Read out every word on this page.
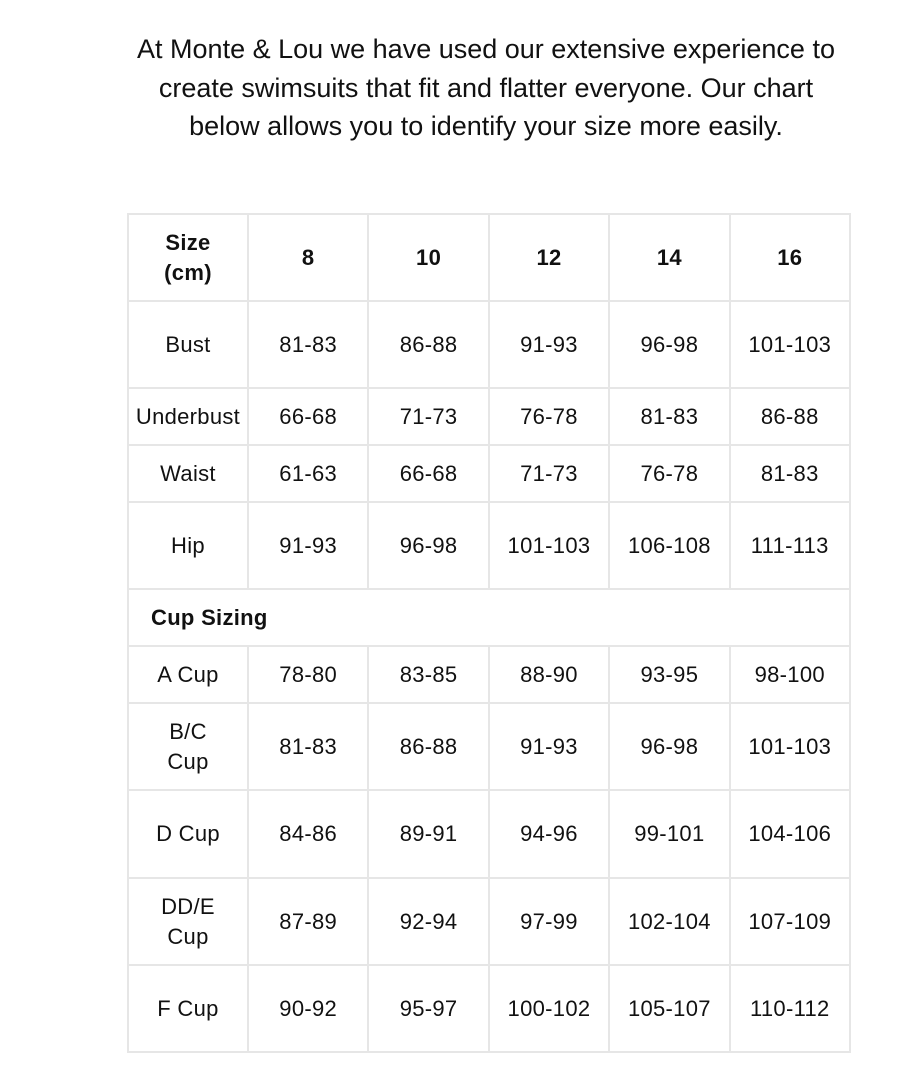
At Monte & Lou we have used our extensive experience to create swimsuits that fit and flatter everyone. Our chart below allows you to identify your size more easily.

Size
(cm)	8	10	12	14	16
Bust	81-83	86-88	91-93	96-98	101-103
Underbust	66-68	71-73	76-78	81-83	86-88
Waist	61-63	66-68	71-73	76-78	81-83
Hip	91-93	96-98	101-103	106-108	111-113
Cup Sizing					
A Cup	78-80	83-85	88-90	93-95	98-100
B/C Cup	81-83	86-88	91-93	96-98	101-103
D Cup	84-86	89-91	94-96	99-101	104-106
DD/E Cup	87-89	92-94	97-99	102-104	107-109
F Cup	90-92	95-97	100-102	105-107	110-112
